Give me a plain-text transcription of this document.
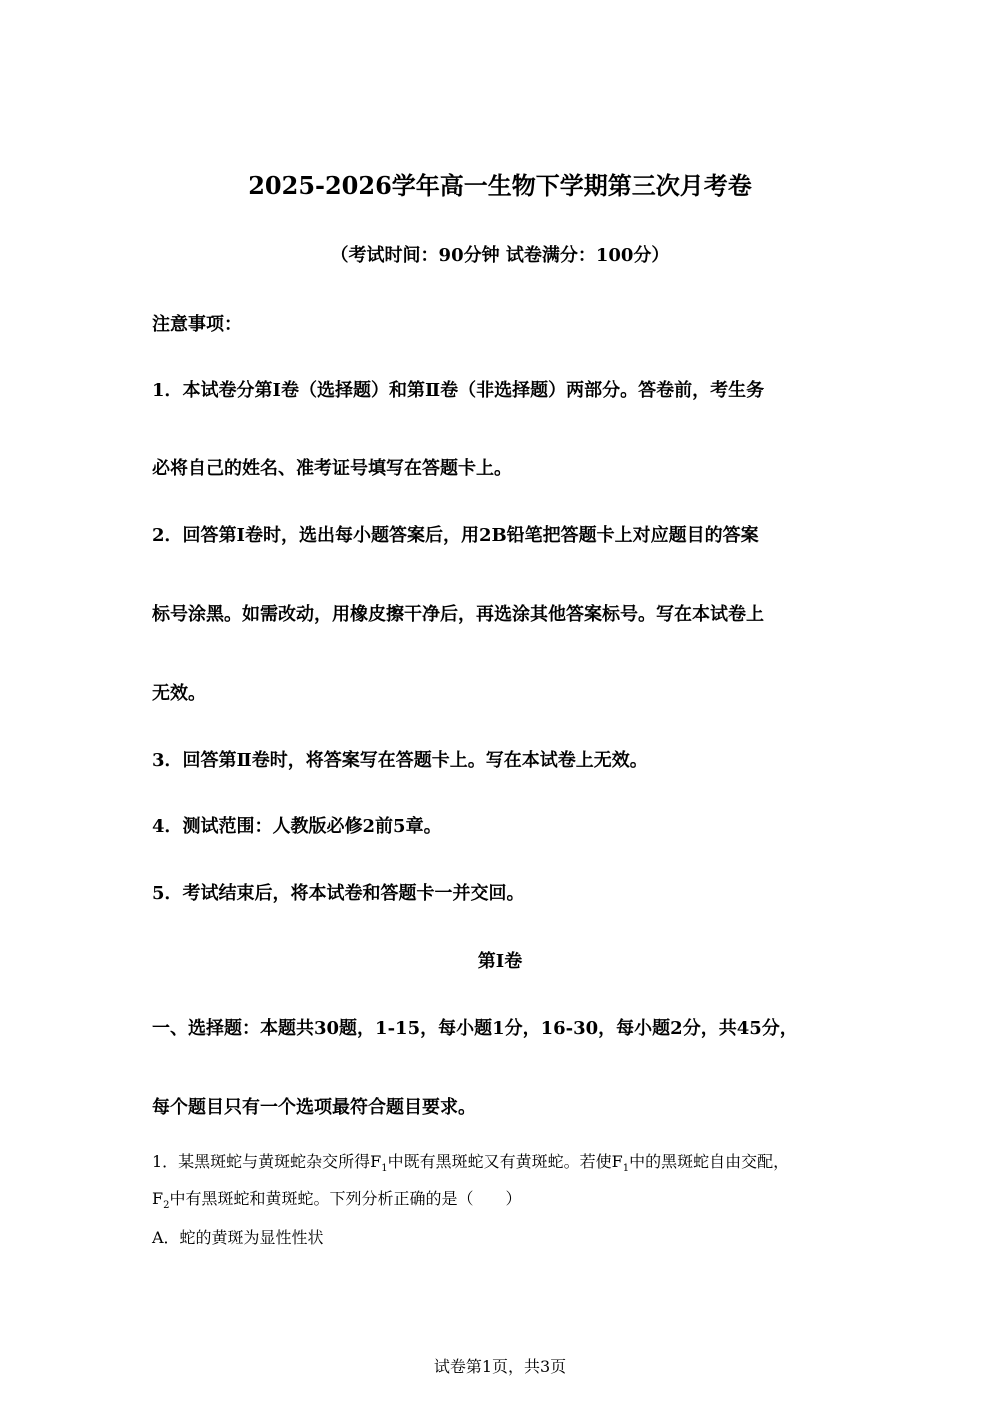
2025-2026学年高一生物下学期第三次月考卷
（考试时间：90分钟 试卷满分：100分）
注意事项：
1．本试卷分第Ⅰ卷（选择题）和第Ⅱ卷（非选择题）两部分。答卷前，考生务
必将自己的姓名、准考证号填写在答题卡上。
2．回答第Ⅰ卷时，选出每小题答案后，用2B铅笔把答题卡上对应题目的答案
标号涂黑。如需改动，用橡皮擦干净后，再选涂其他答案标号。写在本试卷上
无效。
3．回答第Ⅱ卷时，将答案写在答题卡上。写在本试卷上无效。
4．测试范围：人教版必修2前5章。
5．考试结束后，将本试卷和答题卡一并交回。
第Ⅰ卷
一、选择题：本题共30题，1-15，每小题1分，16-30，每小题2分，共45分，
每个题目只有一个选项最符合题目要求。
1．某黑斑蛇与黄斑蛇杂交所得$F_1$中既有黑斑蛇又有黄斑蛇。若使$F_1$中的黑斑蛇自由交配，
$F_2$中有黑斑蛇和黄斑蛇。下列分析正确的是（　　）
A．蛇的黄斑为显性性状
试卷第1页，共3页
